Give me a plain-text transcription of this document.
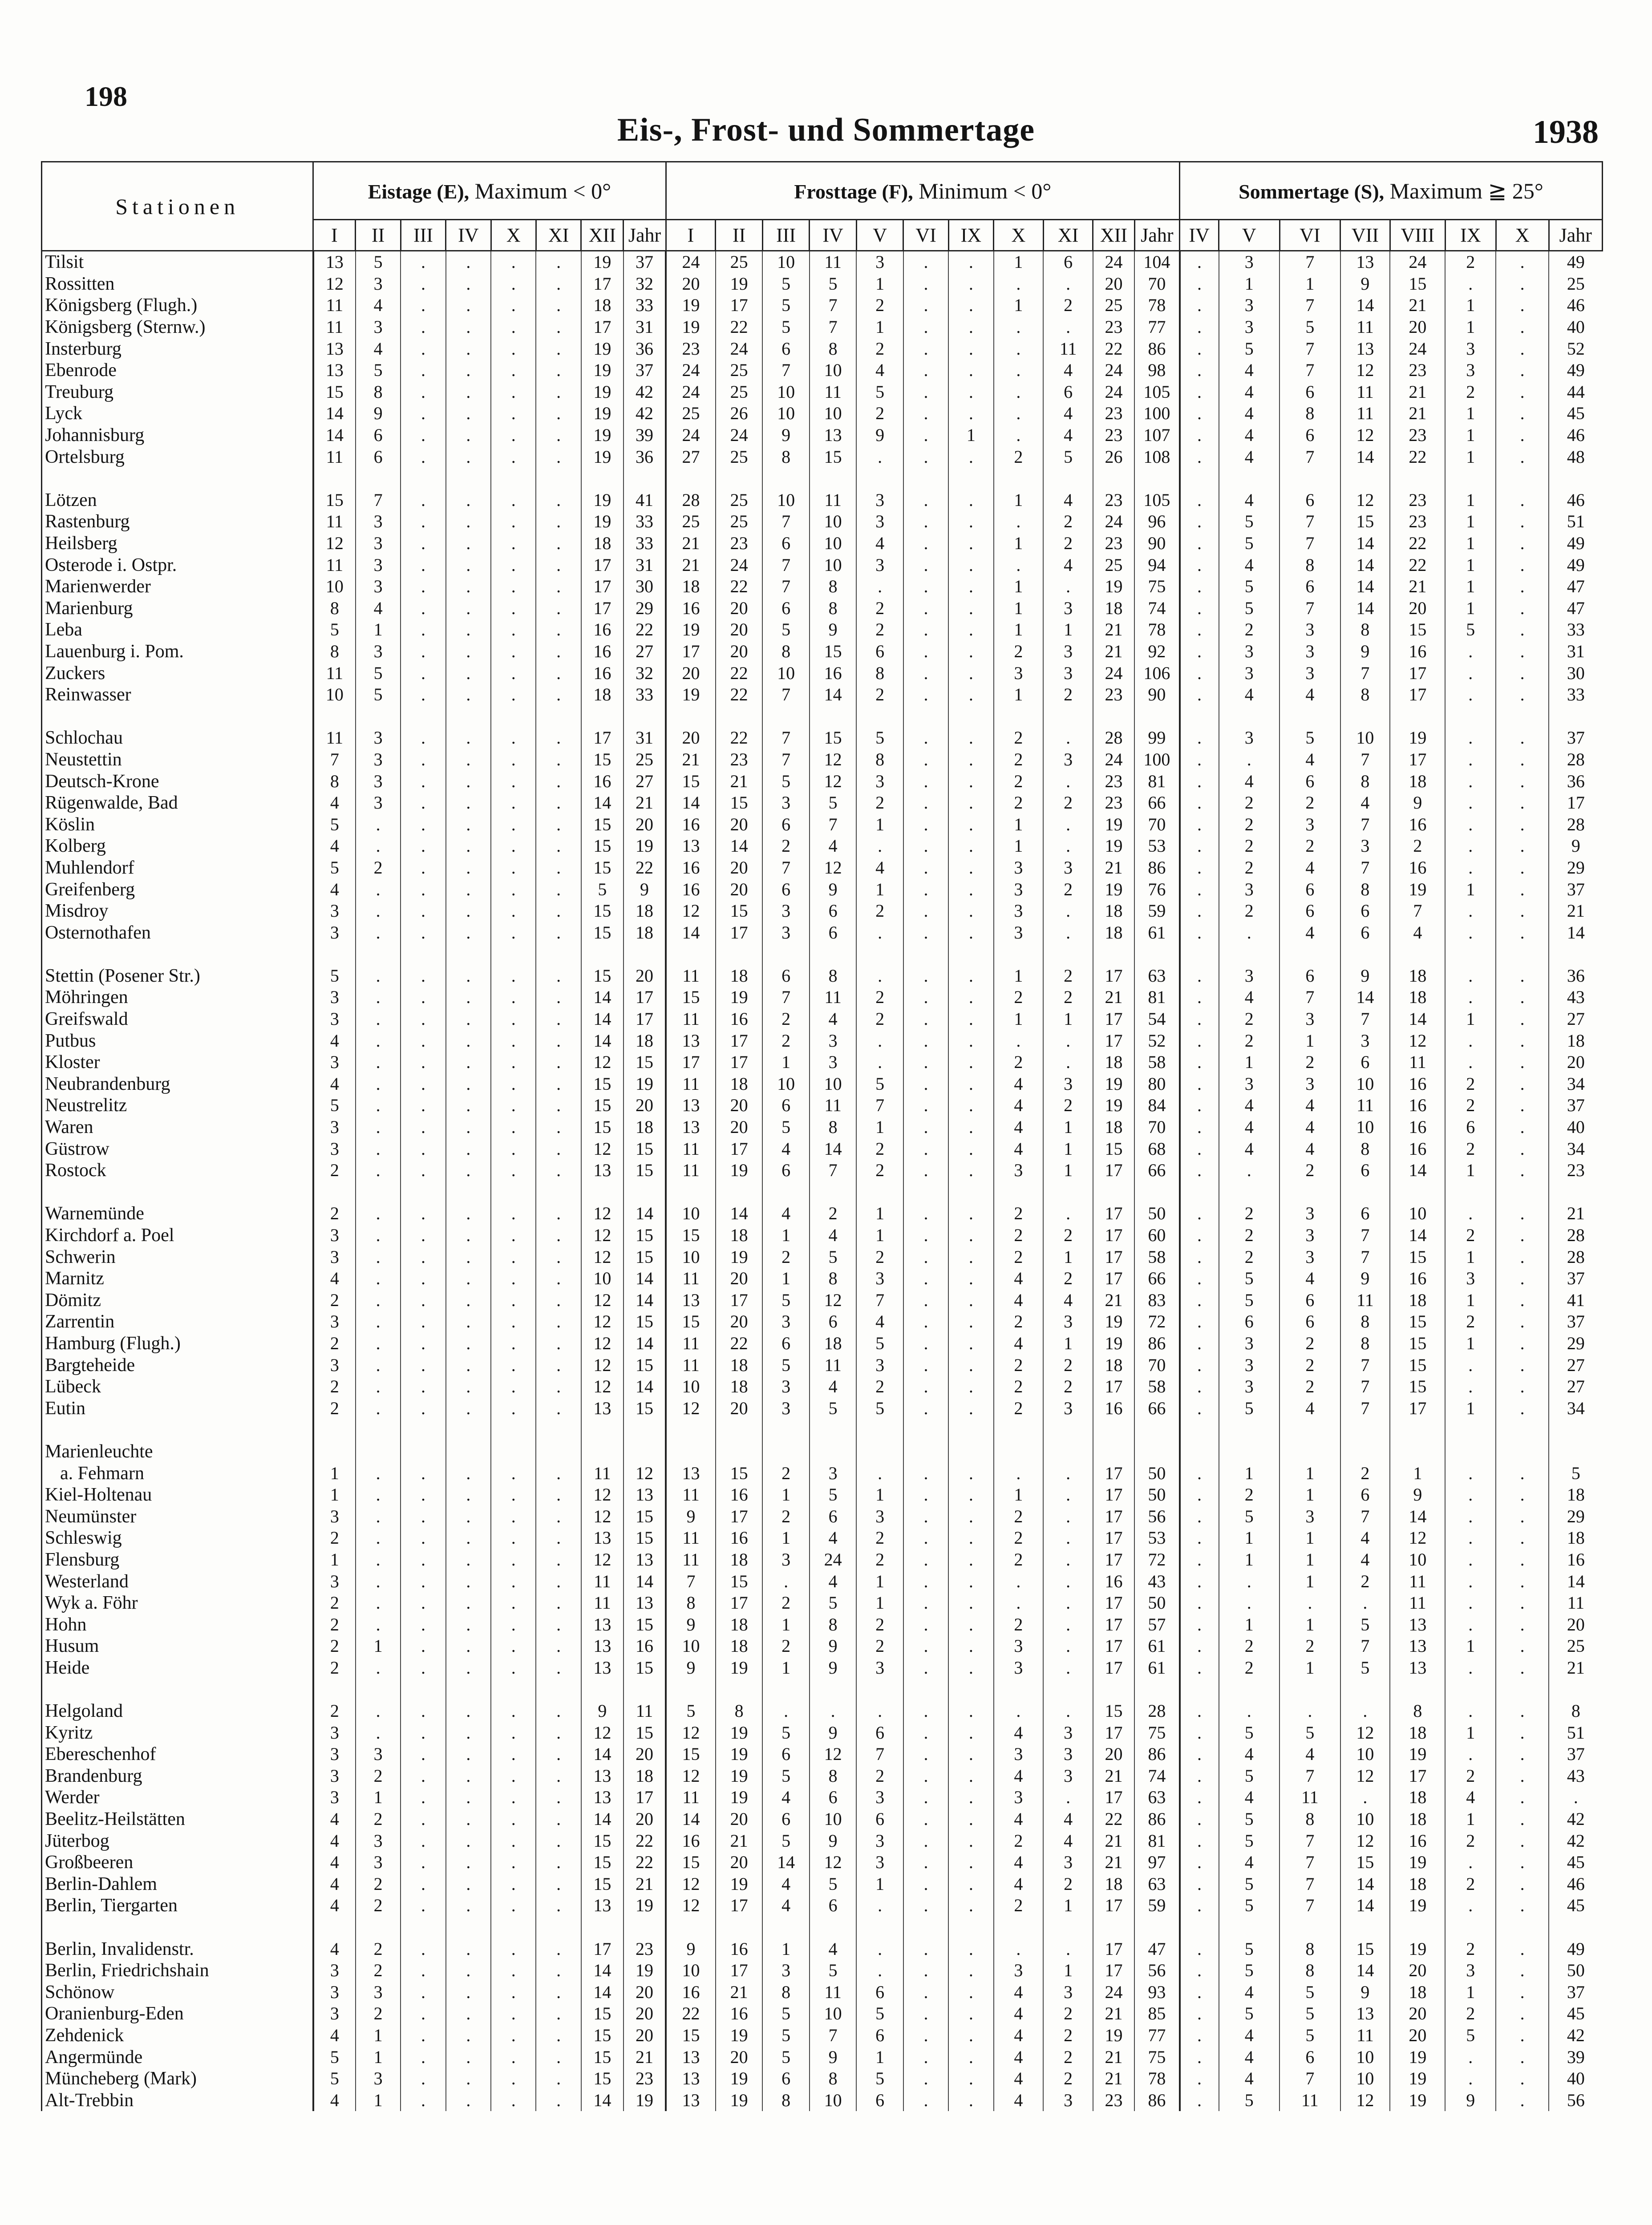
198
Eis-, Frost- und Sommertage	1938
Stationen	Eistage (E), Maximum < 0°								Frosttage (F), Minimum < 0°											Sommertage (S), Maximum ≧ 25°							
	I	II	III	IV	X	XI	XII	Jahr	I	II	III	IV	V	VI	IX	X	XI	XII	Jahr	IV	V	VI	VII	VIII	IX	X	Jahr
Tilsit	13	5	.	.	.	.	19	37	24	25	10	11	3	.	.	1	6	24	104	.	3	7	13	24	2	.	49
Rossitten	12	3	.	.	.	.	17	32	20	19	5	5	1	.	.	.	.	20	70	.	1	1	9	15	.	.	25
Königsberg (Flugh.)	11	4	.	.	.	.	18	33	19	17	5	7	2	.	.	1	2	25	78	.	3	7	14	21	1	.	46
Königsberg (Sternw.)	11	3	.	.	.	.	17	31	19	22	5	7	1	.	.	.	.	23	77	.	3	5	11	20	1	.	40
Insterburg	13	4	.	.	.	.	19	36	23	24	6	8	2	.	.	.	11	22	86	.	5	7	13	24	3	.	52
Ebenrode	13	5	.	.	.	.	19	37	24	25	7	10	4	.	.	.	4	24	98	.	4	7	12	23	3	.	49
Treuburg	15	8	.	.	.	.	19	42	24	25	10	11	5	.	.	.	6	24	105	.	4	6	11	21	2	.	44
Lyck	14	9	.	.	.	.	19	42	25	26	10	10	2	.	.	.	4	23	100	.	4	8	11	21	1	.	45
Johannisburg	14	6	.	.	.	.	19	39	24	24	9	13	9	.	1	.	4	23	107	.	4	6	12	23	1	.	46
Ortelsburg	11	6	.	.	.	.	19	36	27	25	8	15	.	.	.	2	5	26	108	.	4	7	14	22	1	.	48

Lötzen	15	7	.	.	.	.	19	41	28	25	10	11	3	.	.	1	4	23	105	.	4	6	12	23	1	.	46
Rastenburg	11	3	.	.	.	.	19	33	25	25	7	10	3	.	.	.	2	24	96	.	5	7	15	23	1	.	51
Heilsberg	12	3	.	.	.	.	18	33	21	23	6	10	4	.	.	1	2	23	90	.	5	7	14	22	1	.	49
Osterode i. Ostpr.	11	3	.	.	.	.	17	31	21	24	7	10	3	.	.	.	4	25	94	.	4	8	14	22	1	.	49
Marienwerder	10	3	.	.	.	.	17	30	18	22	7	8	.	.	.	1	.	19	75	.	5	6	14	21	1	.	47
Marienburg	8	4	.	.	.	.	17	29	16	20	6	8	2	.	.	1	3	18	74	.	5	7	14	20	1	.	47
Leba	5	1	.	.	.	.	16	22	19	20	5	9	2	.	.	1	1	21	78	.	2	3	8	15	5	.	33
Lauenburg i. Pom.	8	3	.	.	.	.	16	27	17	20	8	15	6	.	.	2	3	21	92	.	3	3	9	16	.	.	31
Zuckers	11	5	.	.	.	.	16	32	20	22	10	16	8	.	.	3	3	24	106	.	3	3	7	17	.	.	30
Reinwasser	10	5	.	.	.	.	18	33	19	22	7	14	2	.	.	1	2	23	90	.	4	4	8	17	.	.	33

Schlochau	11	3	.	.	.	.	17	31	20	22	7	15	5	.	.	2	.	28	99	.	3	5	10	19	.	.	37
Neustettin	7	3	.	.	.	.	15	25	21	23	7	12	8	.	.	2	3	24	100	.	.	4	7	17	.	.	28
Deutsch-Krone	8	3	.	.	.	.	16	27	15	21	5	12	3	.	.	2	.	23	81	.	4	6	8	18	.	.	36
Rügenwalde, Bad	4	3	.	.	.	.	14	21	14	15	3	5	2	.	.	2	2	23	66	.	2	2	4	9	.	.	17
Köslin	5	.	.	.	.	.	15	20	16	20	6	7	1	.	.	1	.	19	70	.	2	3	7	16	.	.	28
Kolberg	4	.	.	.	.	.	15	19	13	14	2	4	.	.	.	1	.	19	53	.	2	2	3	2	.	.	9
Muhlendorf	5	2	.	.	.	.	15	22	16	20	7	12	4	.	.	3	3	21	86	.	2	4	7	16	.	.	29
Greifenberg	4	.	.	.	.	.	5	9	16	20	6	9	1	.	.	3	2	19	76	.	3	6	8	19	1	.	37
Misdroy	3	.	.	.	.	.	15	18	12	15	3	6	2	.	.	3	.	18	59	.	2	6	6	7	.	.	21
Osternothafen	3	.	.	.	.	.	15	18	14	17	3	6	.	.	.	3	.	18	61	.	.	4	6	4	.	.	14

Stettin (Posener Str.)	5	.	.	.	.	.	15	20	11	18	6	8	.	.	.	1	2	17	63	.	3	6	9	18	.	.	36
Möhringen	3	.	.	.	.	.	14	17	15	19	7	11	2	.	.	2	2	21	81	.	4	7	14	18	.	.	43
Greifswald	3	.	.	.	.	.	14	17	11	16	2	4	2	.	.	1	1	17	54	.	2	3	7	14	1	.	27
Putbus	4	.	.	.	.	.	14	18	13	17	2	3	.	.	.	.	.	17	52	.	2	1	3	12	.	.	18
Kloster	3	.	.	.	.	.	12	15	17	17	1	3	.	.	.	2	.	18	58	.	1	2	6	11	.	.	20
Neubrandenburg	4	.	.	.	.	.	15	19	11	18	10	10	5	.	.	4	3	19	80	.	3	3	10	16	2	.	34
Neustrelitz	5	.	.	.	.	.	15	20	13	20	6	11	7	.	.	4	2	19	84	.	4	4	11	16	2	.	37
Waren	3	.	.	.	.	.	15	18	13	20	5	8	1	.	.	4	1	18	70	.	4	4	10	16	6	.	40
Güstrow	3	.	.	.	.	.	12	15	11	17	4	14	2	.	.	4	1	15	68	.	4	4	8	16	2	.	34
Rostock	2	.	.	.	.	.	13	15	11	19	6	7	2	.	.	3	1	17	66	.	.	2	6	14	1	.	23

Warnemünde	2	.	.	.	.	.	12	14	10	14	4	2	1	.	.	2	.	17	50	.	2	3	6	10	.	.	21
Kirchdorf a. Poel	3	.	.	.	.	.	12	15	15	18	1	4	1	.	.	2	2	17	60	.	2	3	7	14	2	.	28
Schwerin	3	.	.	.	.	.	12	15	10	19	2	5	2	.	.	2	1	17	58	.	2	3	7	15	1	.	28
Marnitz	4	.	.	.	.	.	10	14	11	20	1	8	3	.	.	4	2	17	66	.	5	4	9	16	3	.	37
Dömitz	2	.	.	.	.	.	12	14	13	17	5	12	7	.	.	4	4	21	83	.	5	6	11	18	1	.	41
Zarrentin	3	.	.	.	.	.	12	15	15	20	3	6	4	.	.	2	3	19	72	.	6	6	8	15	2	.	37
Hamburg (Flugh.)	2	.	.	.	.	.	12	14	11	22	6	18	5	.	.	4	1	19	86	.	3	2	8	15	1	.	29
Bargteheide	3	.	.	.	.	.	12	15	11	18	5	11	3	.	.	2	2	18	70	.	3	2	7	15	.	.	27
Lübeck	2	.	.	.	.	.	12	14	10	18	3	4	2	.	.	2	2	17	58	.	3	2	7	15	.	.	27
Eutin	2	.	.	.	.	.	13	15	12	20	3	5	5	.	.	2	3	16	66	.	5	4	7	17	1	.	34

Marienleuchte																											
a. Fehmarn	1	.	.	.	.	.	11	12	13	15	2	3	.	.	.	.	.	17	50	.	1	1	2	1	.	.	5
Kiel-Holtenau	1	.	.	.	.	.	12	13	11	16	1	5	1	.	.	1	.	17	50	.	2	1	6	9	.	.	18
Neumünster	3	.	.	.	.	.	12	15	9	17	2	6	3	.	.	2	.	17	56	.	5	3	7	14	.	.	29
Schleswig	2	.	.	.	.	.	13	15	11	16	1	4	2	.	.	2	.	17	53	.	1	1	4	12	.	.	18
Flensburg	1	.	.	.	.	.	12	13	11	18	3	24	2	.	.	2	.	17	72	.	1	1	4	10	.	.	16
Westerland	3	.	.	.	.	.	11	14	7	15	.	4	1	.	.	.	.	16	43	.	.	1	2	11	.	.	14
Wyk a. Föhr	2	.	.	.	.	.	11	13	8	17	2	5	1	.	.	.	.	17	50	.	.	.	.	11	.	.	11
Hohn	2	.	.	.	.	.	13	15	9	18	1	8	2	.	.	2	.	17	57	.	1	1	5	13	.	.	20
Husum	2	1	.	.	.	.	13	16	10	18	2	9	2	.	.	3	.	17	61	.	2	2	7	13	1	.	25
Heide	2	.	.	.	.	.	13	15	9	19	1	9	3	.	.	3	.	17	61	.	2	1	5	13	.	.	21

Helgoland	2	.	.	.	.	.	9	11	5	8	.	.	.	.	.	.	.	15	28	.	.	.	.	8	.	.	8
Kyritz	3	.	.	.	.	.	12	15	12	19	5	9	6	.	.	4	3	17	75	.	5	5	12	18	1	.	51
Ebereschenhof	3	3	.	.	.	.	14	20	15	19	6	12	7	.	.	3	3	20	86	.	4	4	10	19	.	.	37
Brandenburg	3	2	.	.	.	.	13	18	12	19	5	8	2	.	.	4	3	21	74	.	5	7	12	17	2	.	43
Werder	3	1	.	.	.	.	13	17	11	19	4	6	3	.	.	3	.	17	63	.	4	11	.	18	4	.	.
Beelitz-Heilstätten	4	2	.	.	.	.	14	20	14	20	6	10	6	.	.	4	4	22	86	.	5	8	10	18	1	.	42
Jüterbog	4	3	.	.	.	.	15	22	16	21	5	9	3	.	.	2	4	21	81	.	5	7	12	16	2	.	42
Großbeeren	4	3	.	.	.	.	15	22	15	20	14	12	3	.	.	4	3	21	97	.	4	7	15	19	.	.	45
Berlin-Dahlem	4	2	.	.	.	.	15	21	12	19	4	5	1	.	.	4	2	18	63	.	5	7	14	18	2	.	46
Berlin, Tiergarten	4	2	.	.	.	.	13	19	12	17	4	6	.	.	.	2	1	17	59	.	5	7	14	19	.	.	45

Berlin, Invalidenstr.	4	2	.	.	.	.	17	23	9	16	1	4	.	.	.	.	.	17	47	.	5	8	15	19	2	.	49
Berlin, Friedrichshain	3	2	.	.	.	.	14	19	10	17	3	5	.	.	.	3	1	17	56	.	5	8	14	20	3	.	50
Schönow	3	3	.	.	.	.	14	20	16	21	8	11	6	.	.	4	3	24	93	.	4	5	9	18	1	.	37
Oranienburg-Eden	3	2	.	.	.	.	15	20	22	16	5	10	5	.	.	4	2	21	85	.	5	5	13	20	2	.	45
Zehdenick	4	1	.	.	.	.	15	20	15	19	5	7	6	.	.	4	2	19	77	.	4	5	11	20	5	.	42
Angermünde	5	1	.	.	.	.	15	21	13	20	5	9	1	.	.	4	2	21	75	.	4	6	10	19	.	.	39
Müncheberg (Mark)	5	3	.	.	.	.	15	23	13	19	6	8	5	.	.	4	2	21	78	.	4	7	10	19	.	.	40
Alt-Trebbin	4	1	.	.	.	.	14	19	13	19	8	10	6	.	.	4	3	23	86	.	5	11	12	19	9	.	56
